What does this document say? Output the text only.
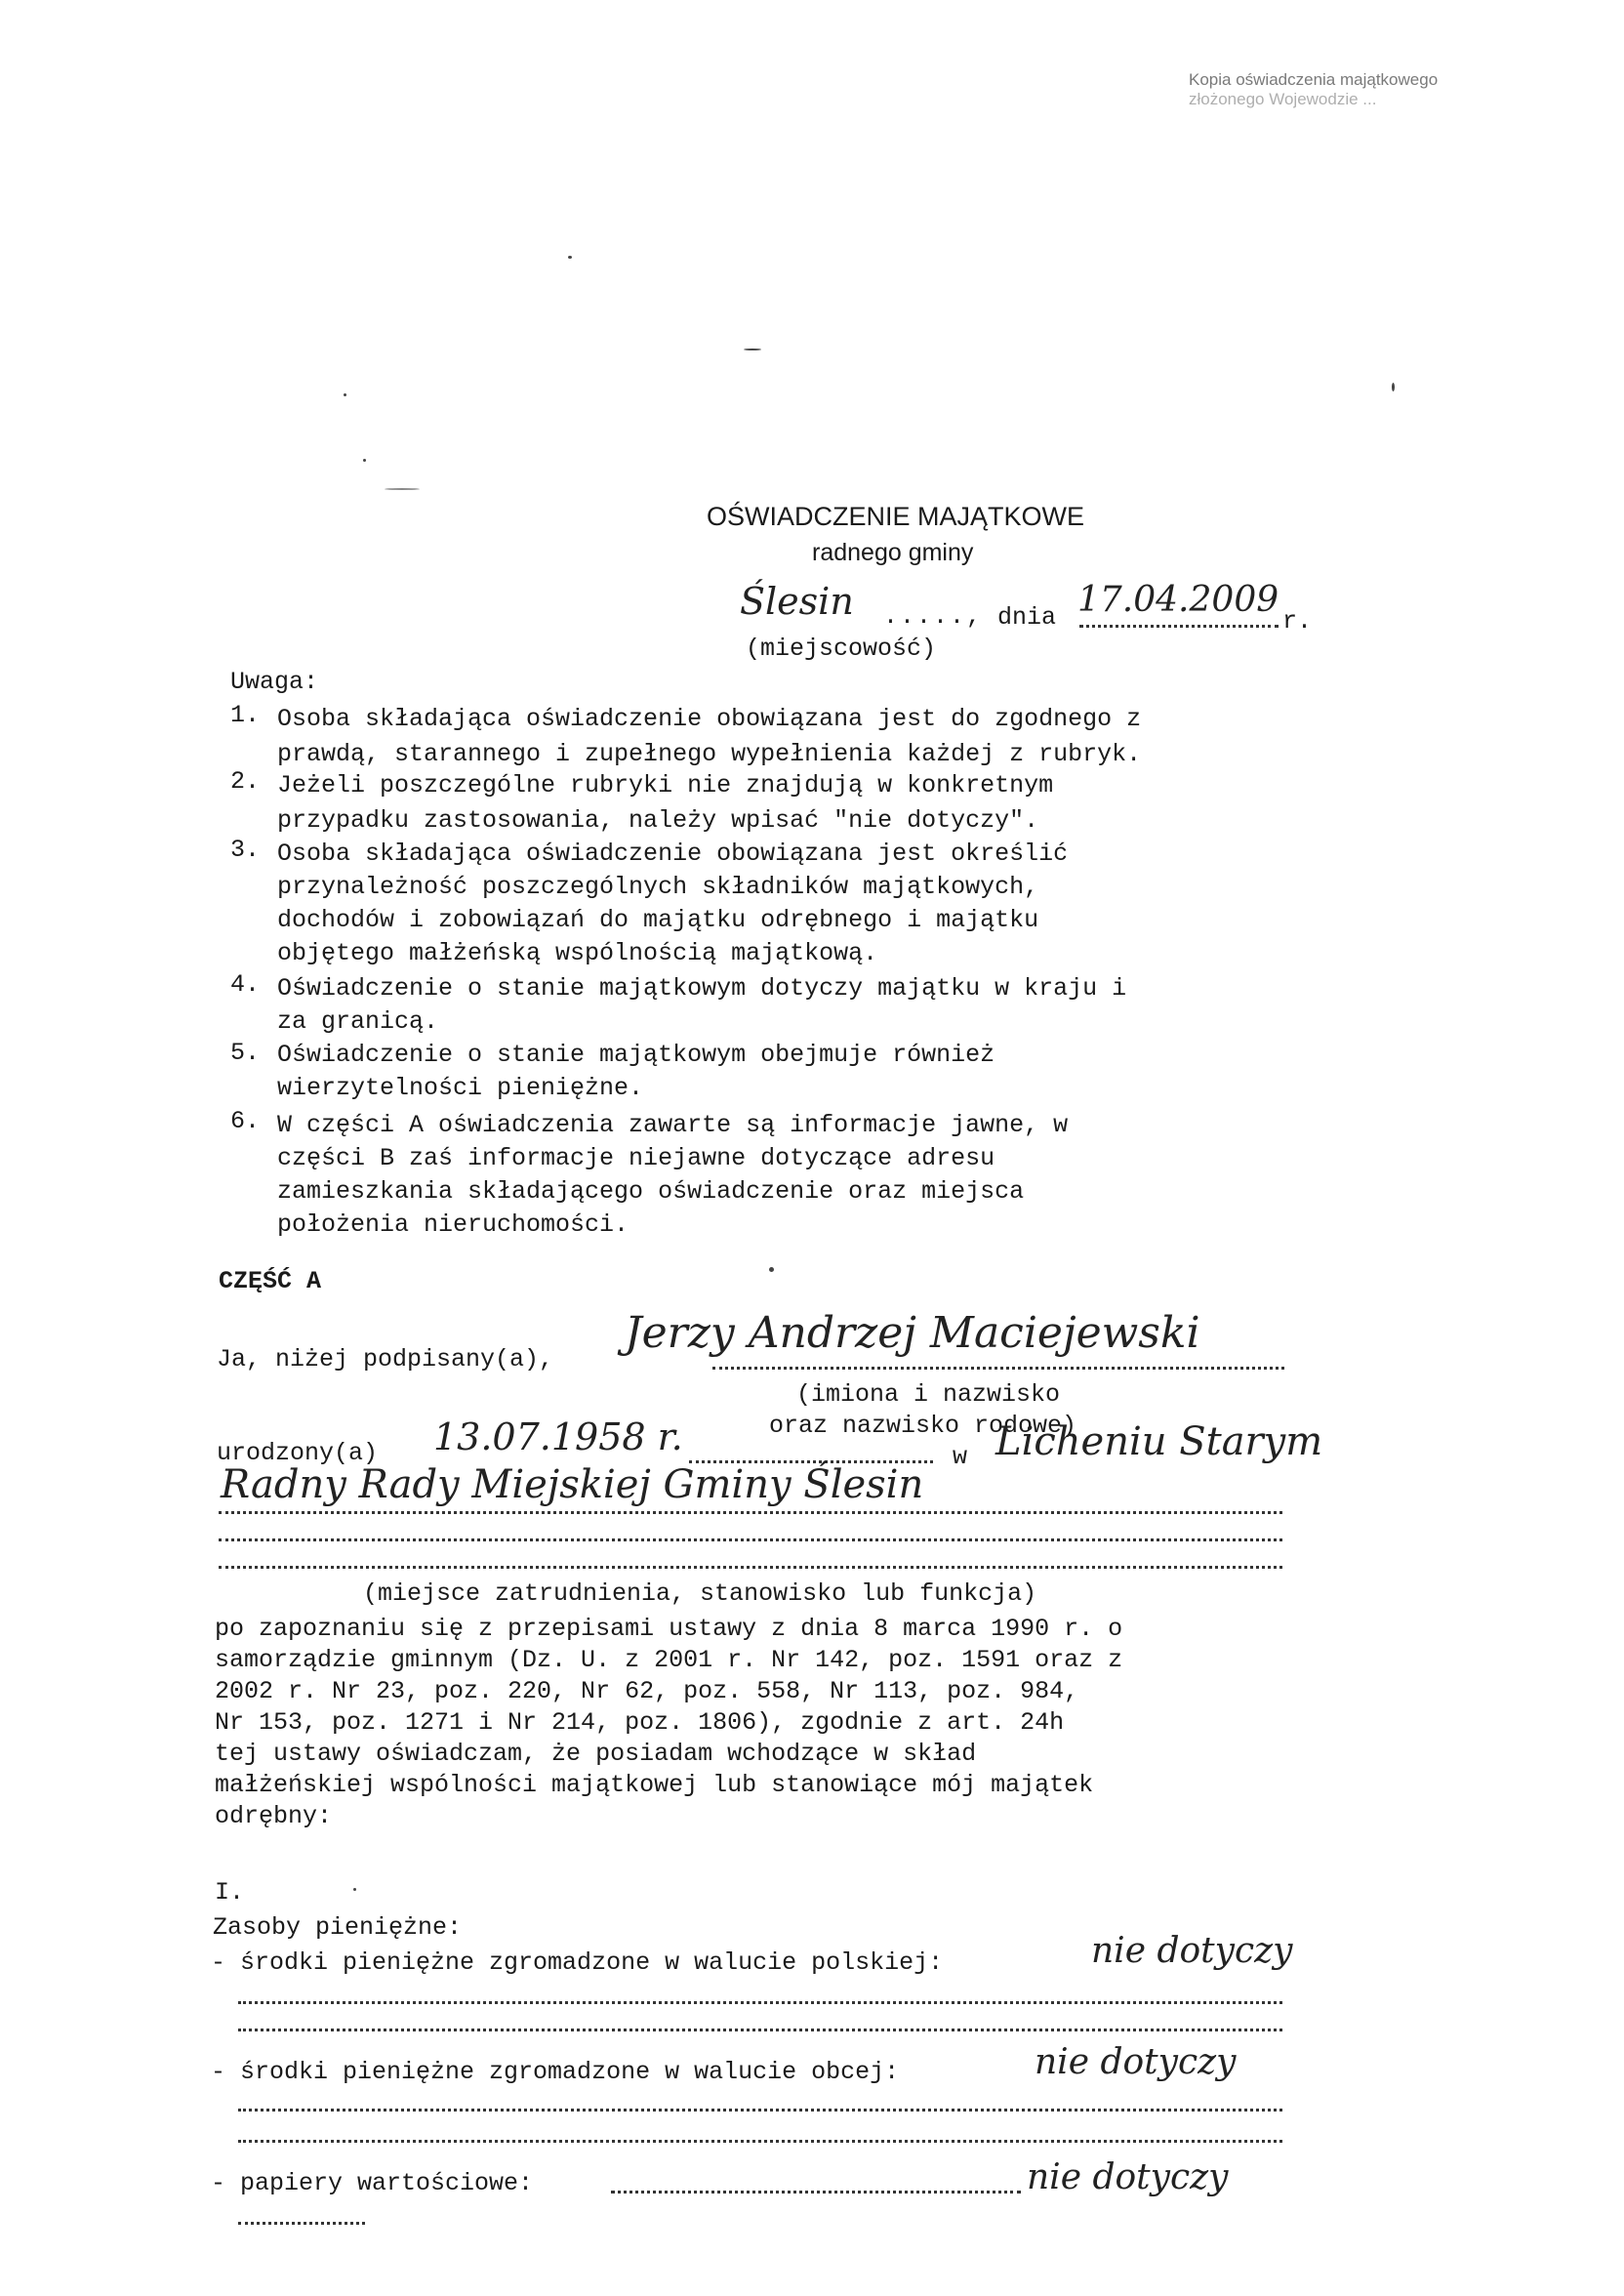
Kopia oświadczenia majątkowego
złożonego Wojewodzie ...
OŚWIADCZENIE MAJĄTKOWE
radnego gminy
Ślesin ....., dnia 17.04.2009
r.
(miejscowość)
Uwaga:
1. Osoba składająca oświadczenie obowiązana jest do zgodnego z
prawdą, starannego i zupełnego wypełnienia każdej z rubryk.
2. Jeżeli poszczególne rubryki nie znajdują w konkretnym
przypadku zastosowania, należy wpisać "nie dotyczy".
3. Osoba składająca oświadczenie obowiązana jest określić
przynależność poszczególnych składników majątkowych,
dochodów i zobowiązań do majątku odrębnego i majątku
objętego małżeńską wspólnością majątkową.
4. Oświadczenie o stanie majątkowym dotyczy majątku w kraju i
za granicą.
5. Oświadczenie o stanie majątkowym obejmuje również
wierzytelności pieniężne.
6. W części A oświadczenia zawarte są informacje jawne, w
części B zaś informacje niejawne dotyczące adresu
zamieszkania składającego oświadczenie oraz miejsca
położenia nieruchomości.
CZĘŚĆ A
Ja, niżej podpisany(a),
Jerzy Andrzej Maciejewski
(imiona i nazwisko
oraz nazwisko rodowe)
urodzony(a) 13.07.1958 r.	w Licheniu Starym
Radny Rady Miejskiej Gminy Ślesin
(miejsce zatrudnienia, stanowisko lub funkcja)
po zapoznaniu się z przepisami ustawy z dnia 8 marca 1990 r. o
samorządzie gminnym (Dz. U. z 2001 r. Nr 142, poz. 1591 oraz z
2002 r. Nr 23, poz. 220, Nr 62, poz. 558, Nr 113, poz. 984,
Nr 153, poz. 1271 i Nr 214, poz. 1806), zgodnie z art. 24h
tej ustawy oświadczam, że posiadam wchodzące w skład
małżeńskiej wspólności majątkowej lub stanowiące mój majątek
odrębny:
I.
Zasoby pieniężne:
- środki pieniężne zgromadzone w walucie polskiej:	nie dotyczy
- środki pieniężne zgromadzone w walucie obcej:	nie dotyczy
- papiery wartościowe:	nie dotyczy
